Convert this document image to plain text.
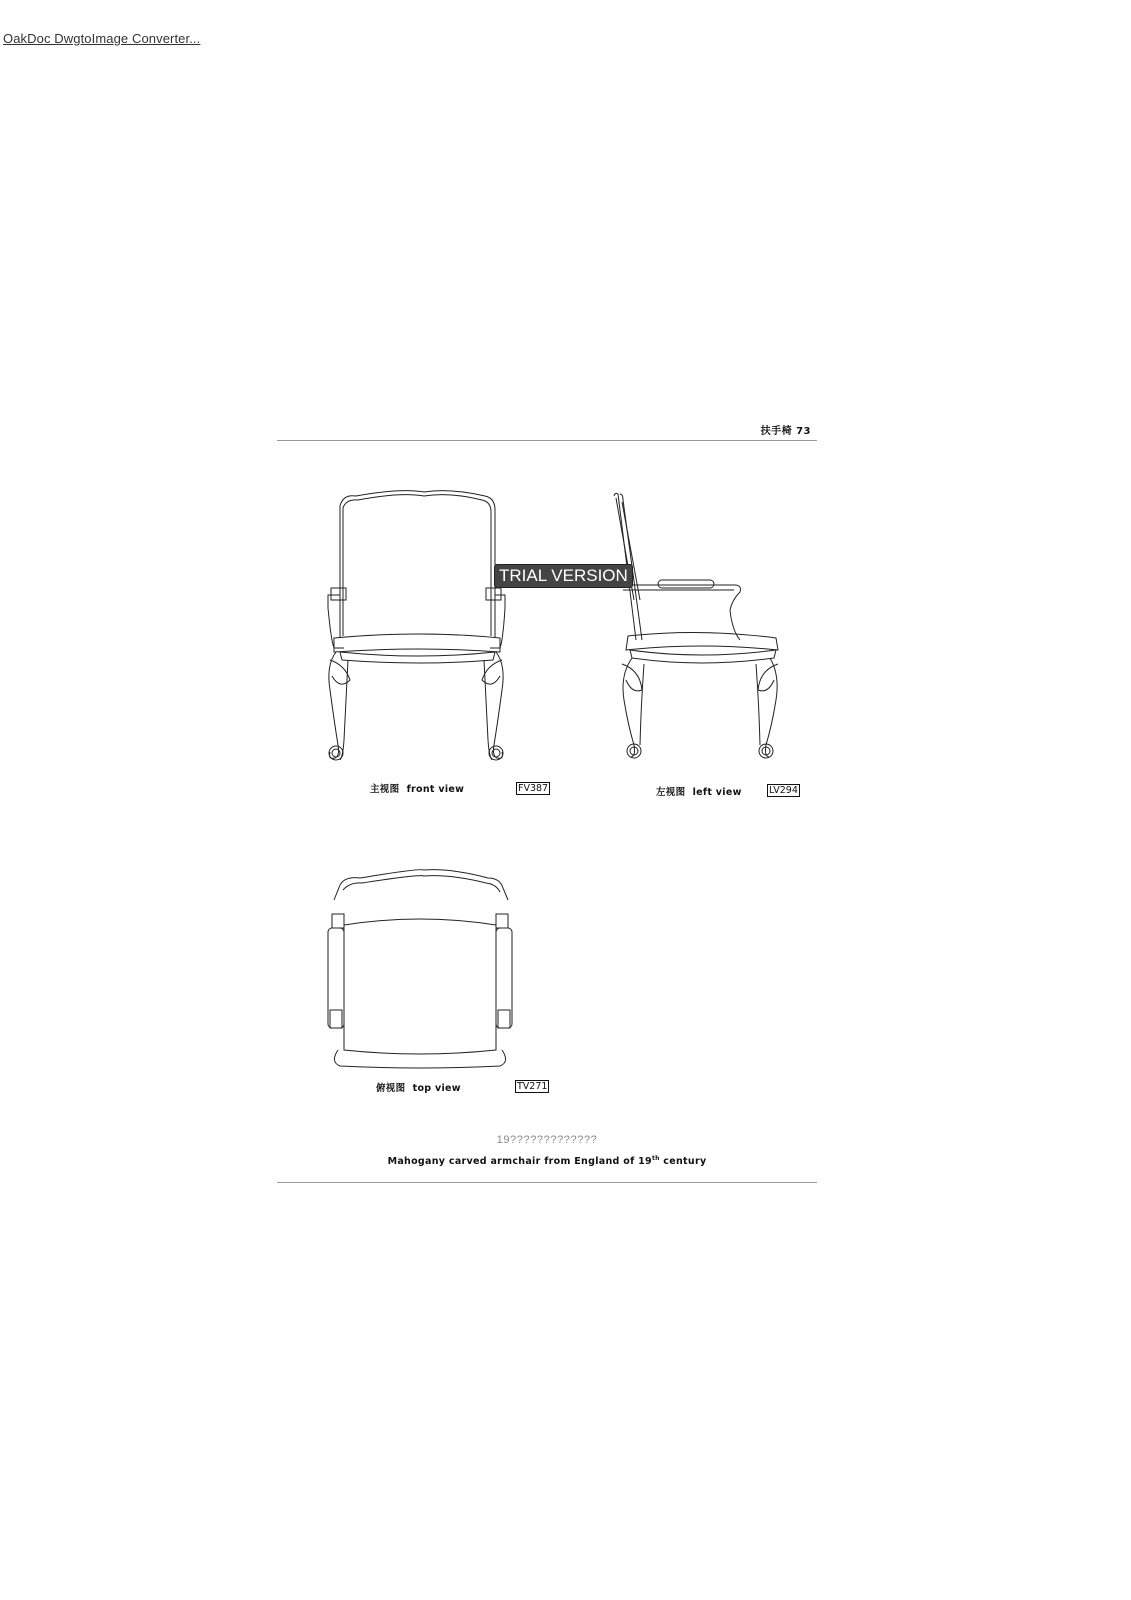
OakDoc DwgtoImage Converter...
扶手椅 73
TRIAL VERSION
主视图  front view	FV387	左视图  left view	LV294
俯视图  top view	TV271
19?????????????
Mahogany carved armchair from England of 19th century
